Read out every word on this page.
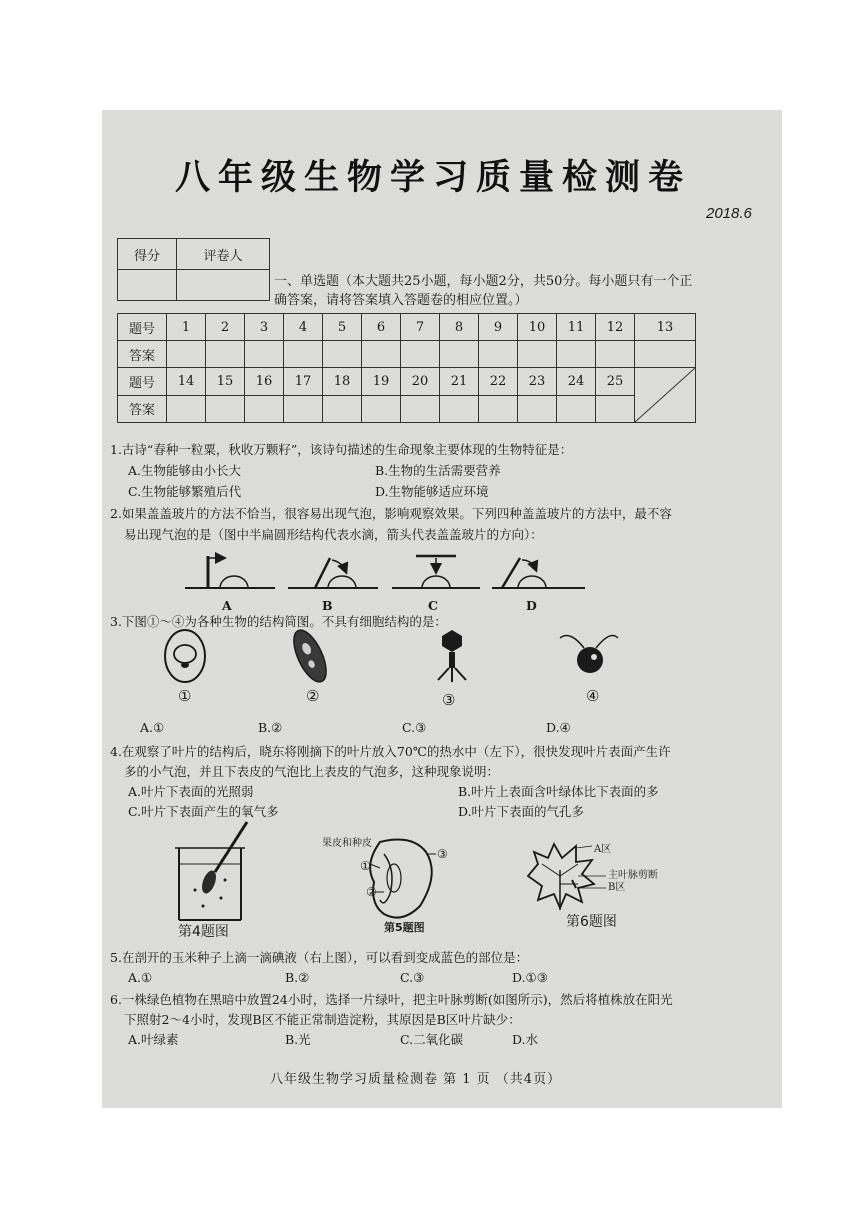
八年级生物学习质量检测卷
2018.6
得分	评卷人

一、单选题（本大题共25小题，每小题2分，共50分。每小题只有一个正确答案，请将答案填入答题卷的相应位置。）
题号	1	2	3	4	5	6	7	8	9	10	11	12	13
答案													
题号	14	15	16	17	18	19	20	21	22	23	24	25	

答案													
1.古诗“春种一粒粟，秋收万颗籽”，该诗句描述的生命现象主要体现的生物特征是：
A.生物能够由小长大	B.生物的生活需要营养
C.生物能够繁殖后代	D.生物能够适应环境
2.如果盖盖玻片的方法不恰当，很容易出现气泡，影响观察效果。下列四种盖盖玻片的方法中，最不容
易出现气泡的是（图中半扁圆形结构代表水滴，箭头代表盖盖玻片的方向）：
A	B	C	D
3.下图①～④为各种生物的结构简图。不具有细胞结构的是：
①	②	③	④
A.①	B.②	C.③	D.④
4.在观察了叶片的结构后，晓东将刚摘下的叶片放入70℃的热水中（左下），很快发现叶片表面产生许
多的小气泡，并且下表皮的气泡比上表皮的气泡多，这种现象说明：
A.叶片下表面的光照弱	B.叶片上表面含叶绿体比下表面的多
C.叶片下表面产生的氧气多	D.叶片下表面的气孔多
第4题图
果皮和种皮
③
①
②
第5题图
A区
主叶脉剪断
B区
第6题图
5.在剖开的玉米种子上滴一滴碘液（右上图），可以看到变成蓝色的部位是：
A.①	B.②	C.③	D.①③
6.一株绿色植物在黑暗中放置24小时，选择一片绿叶，把主叶脉剪断(如图所示)，然后将植株放在阳光
下照射2～4小时，发现B区不能正常制造淀粉，其原因是B区叶片缺少：
A.叶绿素	B.光	C.二氧化碳	D.水
八年级生物学习质量检测卷 第 1 页 （共4页）
